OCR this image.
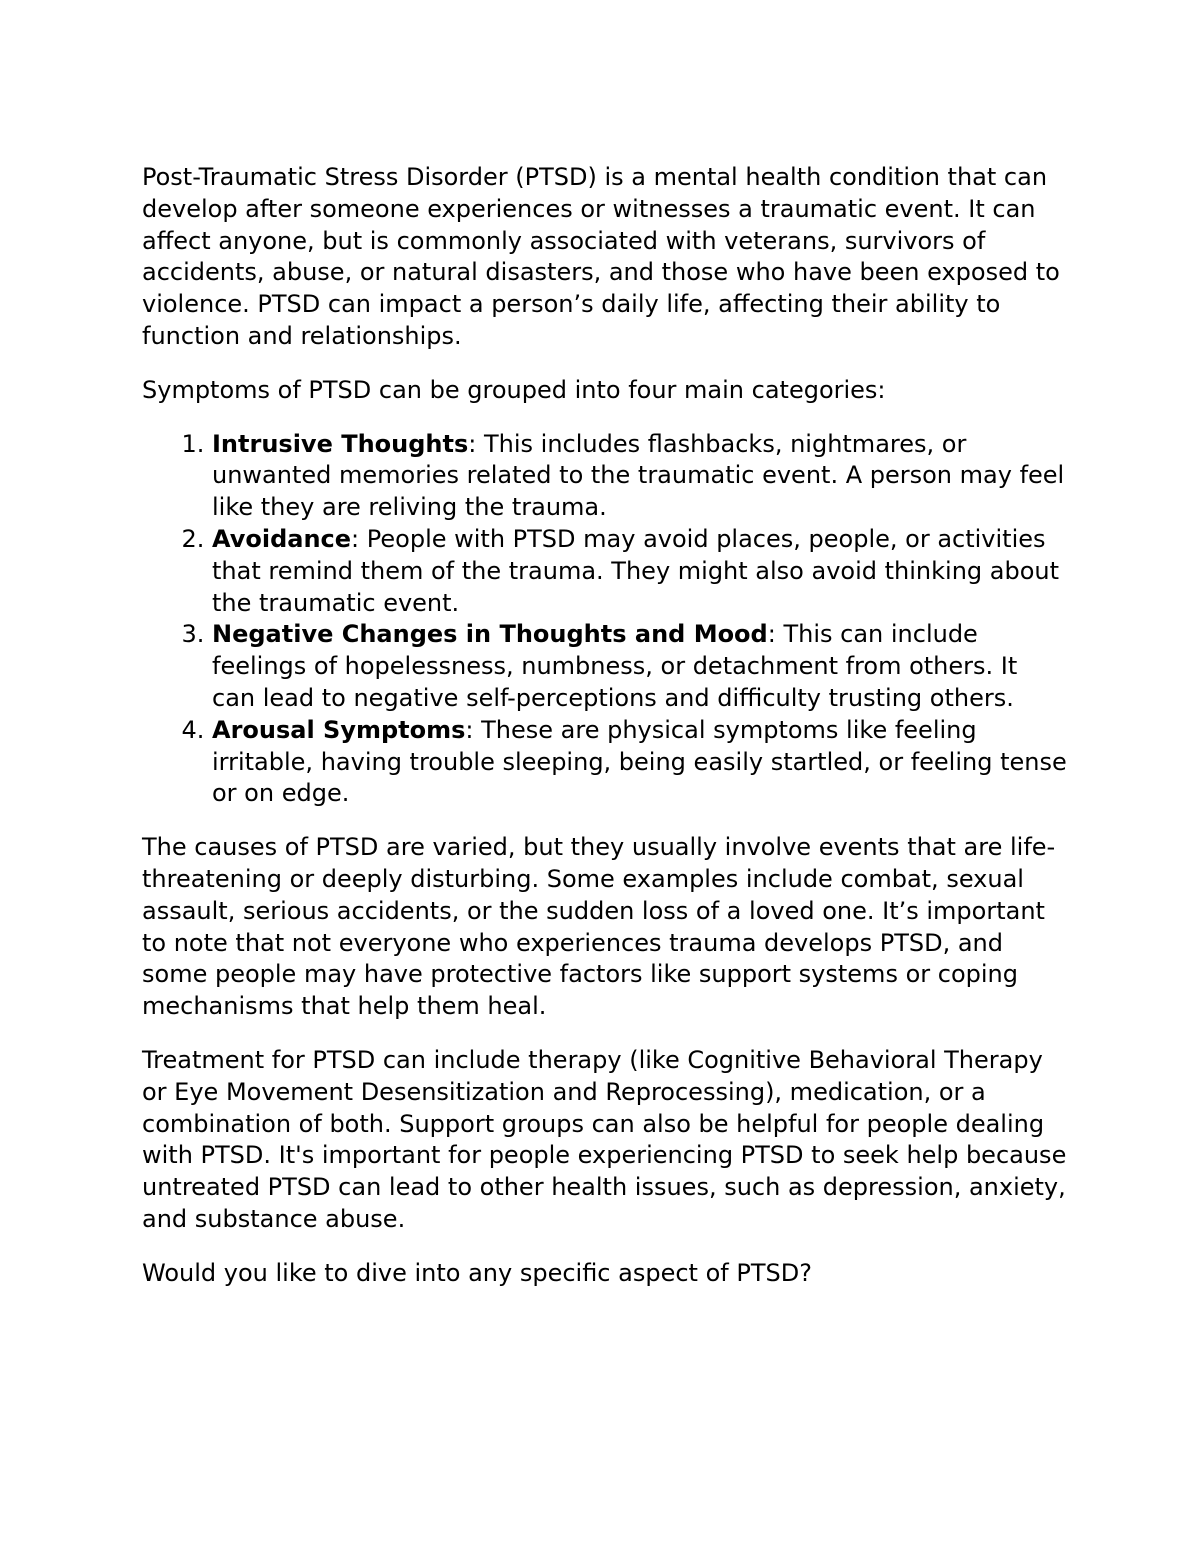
Post-Traumatic Stress Disorder (PTSD) is a mental health condition that can develop after someone experiences or witnesses a traumatic event. It can affect anyone, but is commonly associated with veterans, survivors of accidents, abuse, or natural disasters, and those who have been exposed to violence. PTSD can impact a person’s daily life, affecting their ability to function and relationships.

Symptoms of PTSD can be grouped into four main categories:

1. Intrusive Thoughts: This includes flashbacks, nightmares, or unwanted memories related to the traumatic event. A person may feel like they are reliving the trauma.
2. Avoidance: People with PTSD may avoid places, people, or activities that remind them of the trauma. They might also avoid thinking about the traumatic event.
3. Negative Changes in Thoughts and Mood: This can include feelings of hopelessness, numbness, or detachment from others. It can lead to negative self-perceptions and difficulty trusting others.
4. Arousal Symptoms: These are physical symptoms like feeling irritable, having trouble sleeping, being easily startled, or feeling tense or on edge.

The causes of PTSD are varied, but they usually involve events that are life-threatening or deeply disturbing. Some examples include combat, sexual assault, serious accidents, or the sudden loss of a loved one. It’s important to note that not everyone who experiences trauma develops PTSD, and some people may have protective factors like support systems or coping mechanisms that help them heal.

Treatment for PTSD can include therapy (like Cognitive Behavioral Therapy or Eye Movement Desensitization and Reprocessing), medication, or a combination of both. Support groups can also be helpful for people dealing with PTSD. It's important for people experiencing PTSD to seek help because untreated PTSD can lead to other health issues, such as depression, anxiety, and substance abuse.

Would you like to dive into any specific aspect of PTSD?
